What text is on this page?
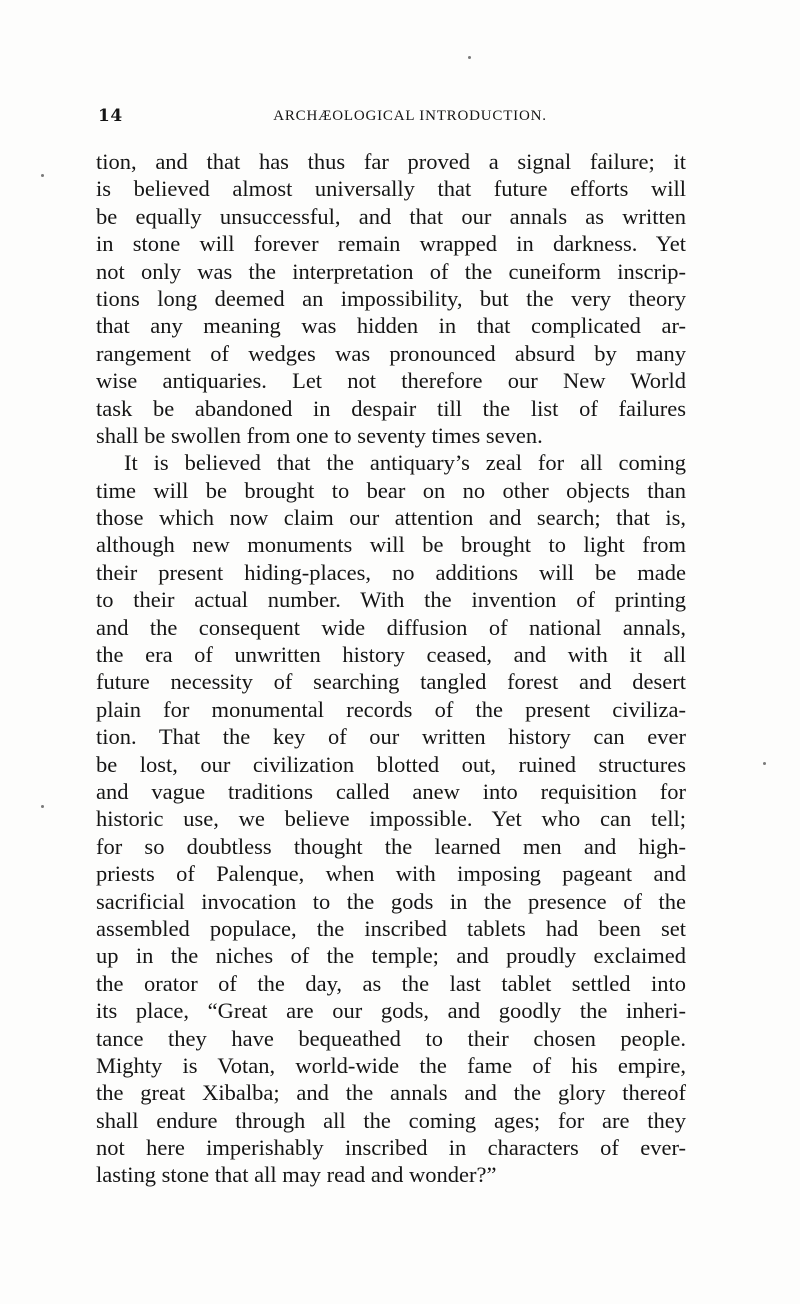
14	ARCHÆOLOGICAL INTRODUCTION.
tion, and that has thus far proved a signal failure; it
is believed almost universally that future efforts will
be equally unsuccessful, and that our annals as written
in stone will forever remain wrapped in darkness. Yet
not only was the interpretation of the cuneiform inscrip-
tions long deemed an impossibility, but the very theory
that any meaning was hidden in that complicated ar-
rangement of wedges was pronounced absurd by many
wise antiquaries. Let not therefore our New World
task be abandoned in despair till the list of failures
shall be swollen from one to seventy times seven.
It is believed that the antiquary’s zeal for all coming
time will be brought to bear on no other objects than
those which now claim our attention and search; that is,
although new monuments will be brought to light from
their present hiding-places, no additions will be made
to their actual number. With the invention of printing
and the consequent wide diffusion of national annals,
the era of unwritten history ceased, and with it all
future necessity of searching tangled forest and desert
plain for monumental records of the present civiliza-
tion. That the key of our written history can ever
be lost, our civilization blotted out, ruined structures
and vague traditions called anew into requisition for
historic use, we believe impossible. Yet who can tell;
for so doubtless thought the learned men and high-
priests of Palenque, when with imposing pageant and
sacrificial invocation to the gods in the presence of the
assembled populace, the inscribed tablets had been set
up in the niches of the temple; and proudly exclaimed
the orator of the day, as the last tablet settled into
its place, “Great are our gods, and goodly the inheri-
tance they have bequeathed to their chosen people.
Mighty is Votan, world-wide the fame of his empire,
the great Xibalba; and the annals and the glory thereof
shall endure through all the coming ages; for are they
not here imperishably inscribed in characters of ever-
lasting stone that all may read and wonder?”
